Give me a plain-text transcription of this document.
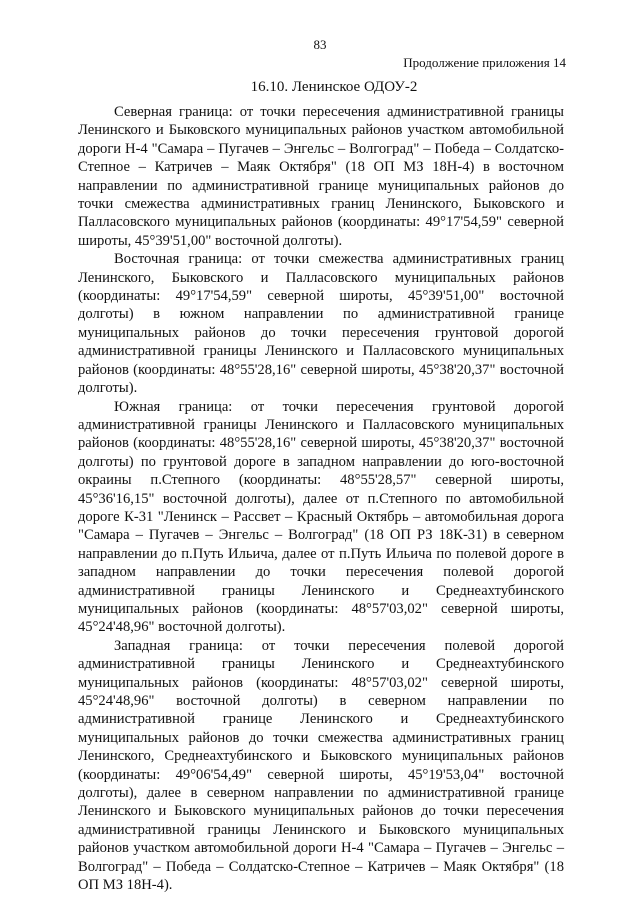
83
Продолжение приложения 14
16.10. Ленинское ОДОУ-2

Северная граница: от точки пересечения административной границы Ленинского и Быковского муниципальных районов участком автомобильной дороги Н-4 "Самара – Пугачев – Энгельс – Волгоград" – Победа – Солдатско-Степное – Катричев – Маяк Октября" (18 ОП МЗ 18Н-4) в восточном направлении по административной границе муниципальных районов до точки смежества административных границ Ленинского, Быковского и Палласовского муниципальных районов (координаты: 49°17'54,59" северной широты, 45°39'51,00" восточной долготы).

Восточная граница: от точки смежества административных границ Ленинского, Быковского и Палласовского муниципальных районов (координаты: 49°17'54,59" северной широты, 45°39'51,00" восточной долготы) в южном направлении по административной границе муниципальных районов до точки пересечения грунтовой дорогой административной границы Ленинского и Палласовского муниципальных районов (координаты: 48°55'28,16" северной широты, 45°38'20,37" восточной долготы).

Южная граница: от точки пересечения грунтовой дорогой административной границы Ленинского и Палласовского муниципальных районов (координаты: 48°55'28,16" северной широты, 45°38'20,37" восточной долготы) по грунтовой дороге в западном направлении до юго-восточной окраины п.Степного (координаты: 48°55'28,57" северной широты, 45°36'16,15" восточной долготы), далее от п.Степного по автомобильной дороге К-31 "Ленинск – Рассвет – Красный Октябрь – автомобильная дорога "Самара – Пугачев – Энгельс – Волгоград" (18 ОП РЗ 18К-31) в северном направлении до п.Путь Ильича, далее от п.Путь Ильича по полевой дороге в западном направлении до точки пересечения полевой дорогой административной границы Ленинского и Среднеахтубинского муниципальных районов (координаты: 48°57'03,02" северной широты, 45°24'48,96" восточной долготы).

Западная граница: от точки пересечения полевой дорогой административной границы Ленинского и Среднеахтубинского муниципальных районов (координаты: 48°57'03,02" северной широты, 45°24'48,96" восточной долготы) в северном направлении по административной границе Ленинского и Среднеахтубинского муниципальных районов до точки смежества административных границ Ленинского, Среднеахтубинского и Быковского муниципальных районов (координаты: 49°06'54,49" северной широты, 45°19'53,04" восточной долготы), далее в северном направлении по административной границе Ленинского и Быковского муниципальных районов до точки пересечения административной границы Ленинского и Быковского муниципальных районов участком автомобильной дороги Н-4 "Самара – Пугачев – Энгельс – Волгоград" – Победа – Солдатско-Степное – Катричев – Маяк Октября" (18 ОП МЗ 18Н-4).
